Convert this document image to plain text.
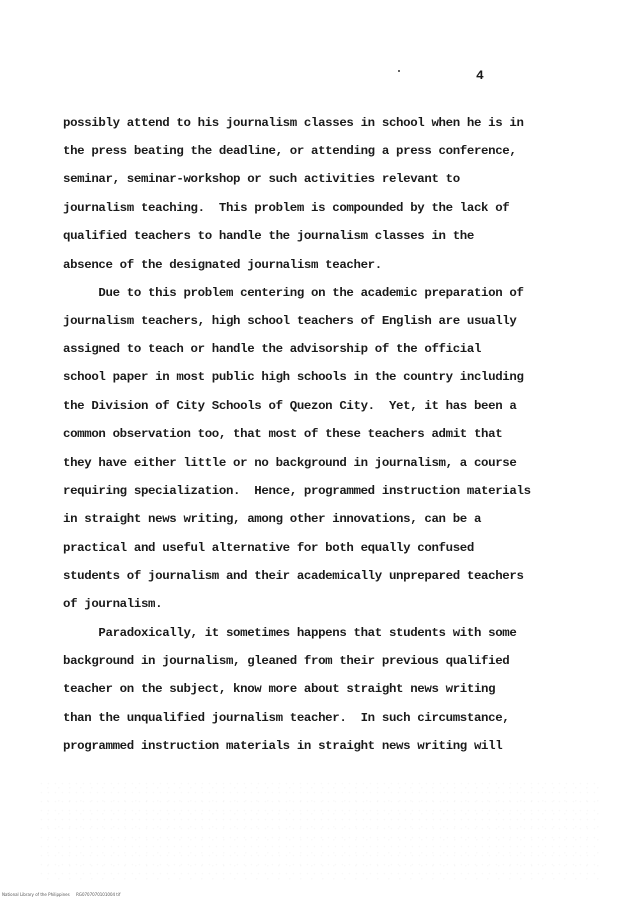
4
possibly attend to his journalism classes in school when he is in
the press beating the deadline, or attending a press conference,
seminar, seminar-workshop or such activities relevant to
journalism teaching.  This problem is compounded by the lack of
qualified teachers to handle the journalism classes in the
absence of the designated journalism teacher.
Due to this problem centering on the academic preparation of
journalism teachers, high school teachers of English are usually
assigned to teach or handle the advisorship of the official
school paper in most public high schools in the country including
the Division of City Schools of Quezon City.  Yet, it has been a
common observation too, that most of these teachers admit that
they have either little or no background in journalism, a course
requiring specialization.  Hence, programmed instruction materials
in straight news writing, among other innovations, can be a
practical and useful alternative for both equally confused
students of journalism and their academically unprepared teachers
of journalism.
Paradoxically, it sometimes happens that students with some
background in journalism, gleaned from their previous qualified
teacher on the subject, know more about straight news writing
than the unqualified journalism teacher.  In such circumstance,
programmed instruction materials in straight news writing will
National Library of the Philippines     RG0707070101004 tif
